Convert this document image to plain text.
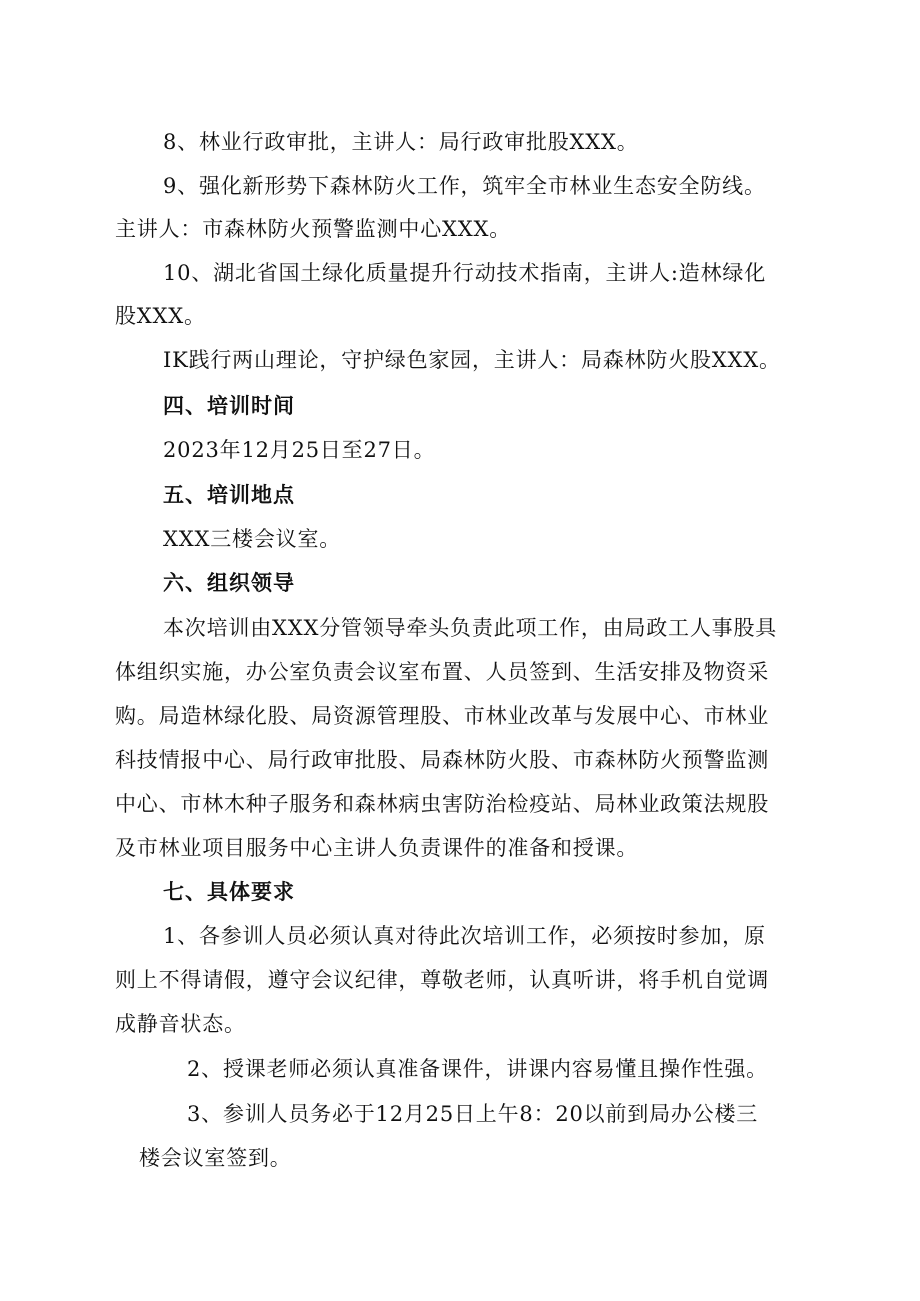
8、林业行政审批，主讲人：局行政审批股XXX。
9、强化新形势下森林防火工作，筑牢全市林业生态安全防线。
主讲人：市森林防火预警监测中心XXX。
10、湖北省国土绿化质量提升行动技术指南，主讲人:造林绿化
股XXX。
IK践行两山理论，守护绿色家园，主讲人：局森林防火股XXX。
四、培训时间
2023年12月25日至27日。
五、培训地点
XXX三楼会议室。
六、组织领导
本次培训由XXX分管领导牵头负责此项工作，由局政工人事股具
体组织实施，办公室负责会议室布置、人员签到、生活安排及物资采
购。局造林绿化股、局资源管理股、市林业改革与发展中心、市林业
科技情报中心、局行政审批股、局森林防火股、市森林防火预警监测
中心、市林木种子服务和森林病虫害防治检疫站、局林业政策法规股
及市林业项目服务中心主讲人负责课件的准备和授课。
七、具体要求
1、各参训人员必须认真对待此次培训工作，必须按时参加，原
则上不得请假，遵守会议纪律，尊敬老师，认真听讲，将手机自觉调
成静音状态。
2、授课老师必须认真准备课件，讲课内容易懂且操作性强。
3、参训人员务必于12月25日上午8：20以前到局办公楼三
楼会议室签到。
